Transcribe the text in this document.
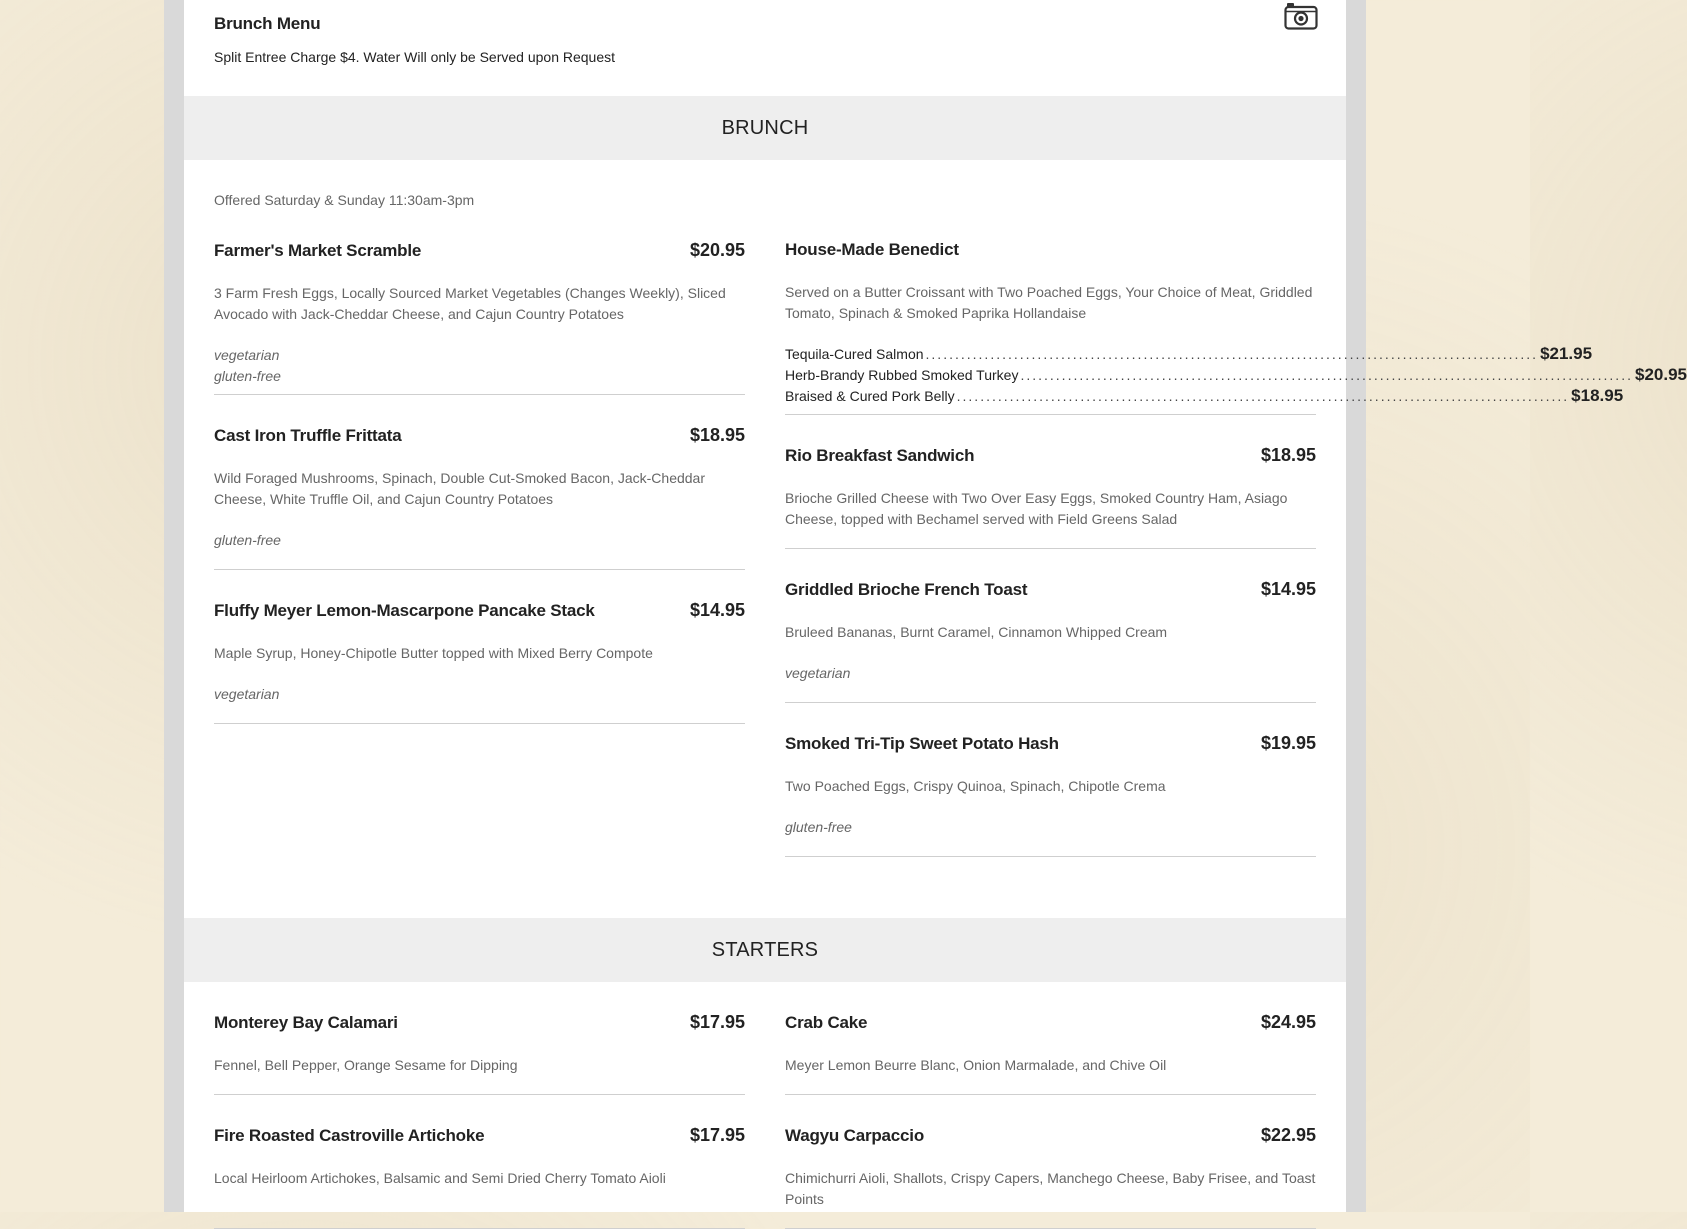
Brunch Menu
Split Entree Charge $4. Water Will only be Served upon Request
BRUNCH
Offered Saturday & Sunday 11:30am-3pm
Farmer's Market Scramble	$20.95
3 Farm Fresh Eggs, Locally Sourced Market Vegetables (Changes Weekly), Sliced Avocado with Jack-Cheddar Cheese, and Cajun Country Potatoes
vegetarian
gluten-free
Cast Iron Truffle Frittata	$18.95
Wild Foraged Mushrooms, Spinach, Double Cut-Smoked Bacon, Jack-Cheddar Cheese, White Truffle Oil, and Cajun Country Potatoes
gluten-free
Fluffy Meyer Lemon-Mascarpone Pancake Stack	$14.95
Maple Syrup, Honey-Chipotle Butter topped with Mixed Berry Compote
vegetarian
House-Made Benedict
Served on a Butter Croissant with Two Poached Eggs, Your Choice of Meat, Griddled Tomato, Spinach & Smoked Paprika Hollandaise
Tequila-Cured Salmon ........................................................................................................ $21.95
Herb-Brandy Rubbed Smoked Turkey ........................................................................................................ $20.95
Braised & Cured Pork Belly ........................................................................................................ $18.95
Rio Breakfast Sandwich	$18.95
Brioche Grilled Cheese with Two Over Easy Eggs, Smoked Country Ham, Asiago Cheese, topped with Bechamel served with Field Greens Salad
Griddled Brioche French Toast	$14.95
Bruleed Bananas, Burnt Caramel, Cinnamon Whipped Cream
vegetarian
Smoked Tri-Tip Sweet Potato Hash	$19.95
Two Poached Eggs, Crispy Quinoa, Spinach, Chipotle Crema
gluten-free
STARTERS
Monterey Bay Calamari	$17.95
Fennel, Bell Pepper, Orange Sesame for Dipping
Fire Roasted Castroville Artichoke	$17.95
Local Heirloom Artichokes, Balsamic and Semi Dried Cherry Tomato Aioli
Crab Cake	$24.95
Meyer Lemon Beurre Blanc, Onion Marmalade, and Chive Oil
Wagyu Carpaccio	$22.95
Chimichurri Aioli, Shallots, Crispy Capers, Manchego Cheese, Baby Frisee, and Toast Points
